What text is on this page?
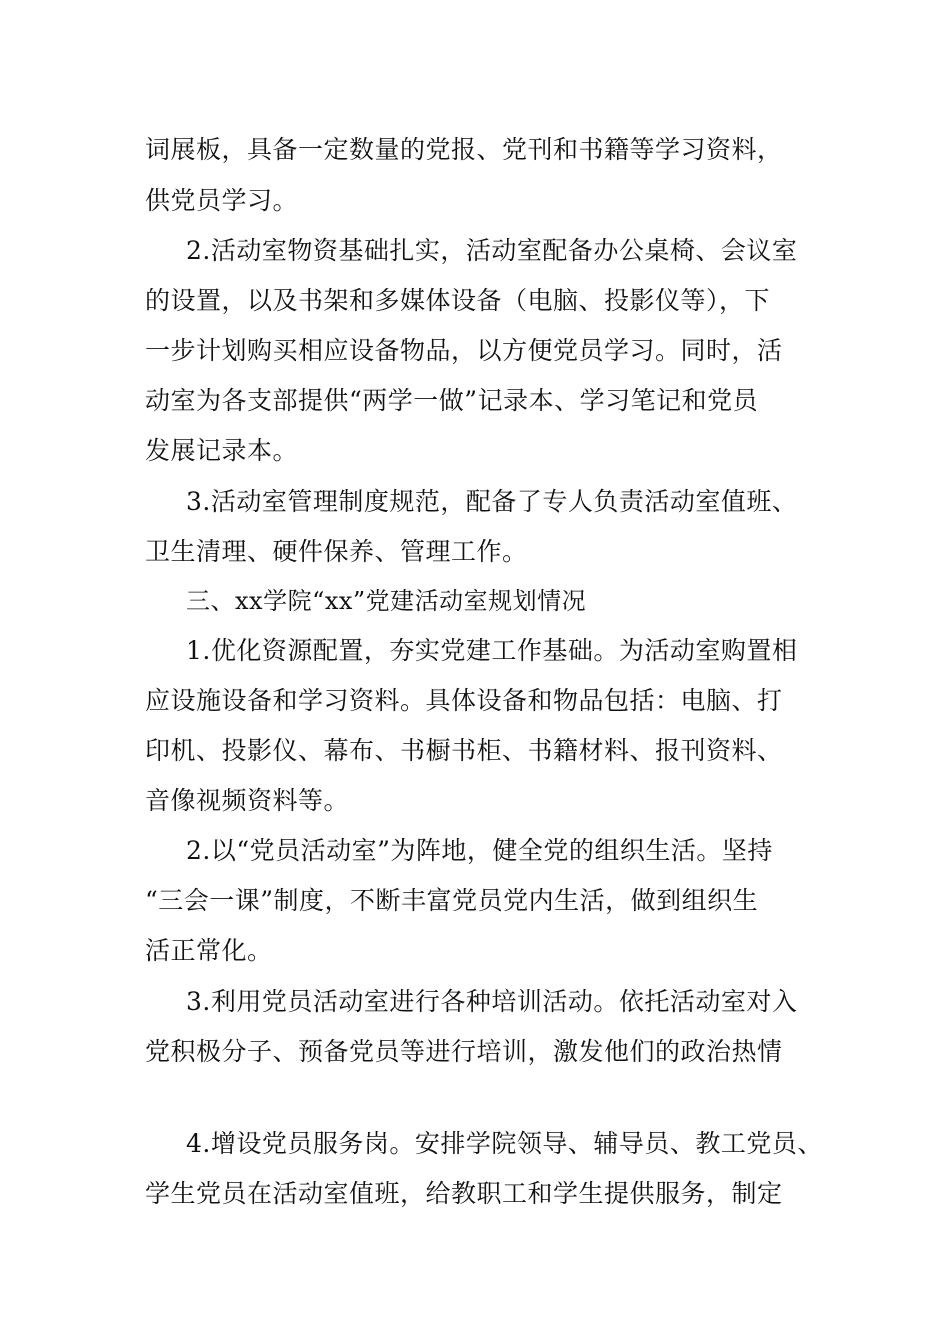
词展板，具备一定数量的党报、党刊和书籍等学习资料，
供党员学习。
2.活动室物资基础扎实，活动室配备办公桌椅、会议室
的设置，以及书架和多媒体设备（电脑、投影仪等），下
一步计划购买相应设备物品，以方便党员学习。同时，活
动室为各支部提供“两学一做”记录本、学习笔记和党员
发展记录本。
3.活动室管理制度规范，配备了专人负责活动室值班、
卫生清理、硬件保养、管理工作。
三、xx学院“xx”党建活动室规划情况
1.优化资源配置，夯实党建工作基础。为活动室购置相
应设施设备和学习资料。具体设备和物品包括：电脑、打
印机、投影仪、幕布、书橱书柜、书籍材料、报刊资料、
音像视频资料等。
2.以“党员活动室”为阵地，健全党的组织生活。坚持
“三会一课”制度，不断丰富党员党内生活，做到组织生
活正常化。
3.利用党员活动室进行各种培训活动。依托活动室对入
党积极分子、预备党员等进行培训，激发他们的政治热情
4.增设党员服务岗。安排学院领导、辅导员、教工党员、
学生党员在活动室值班，给教职工和学生提供服务，制定
